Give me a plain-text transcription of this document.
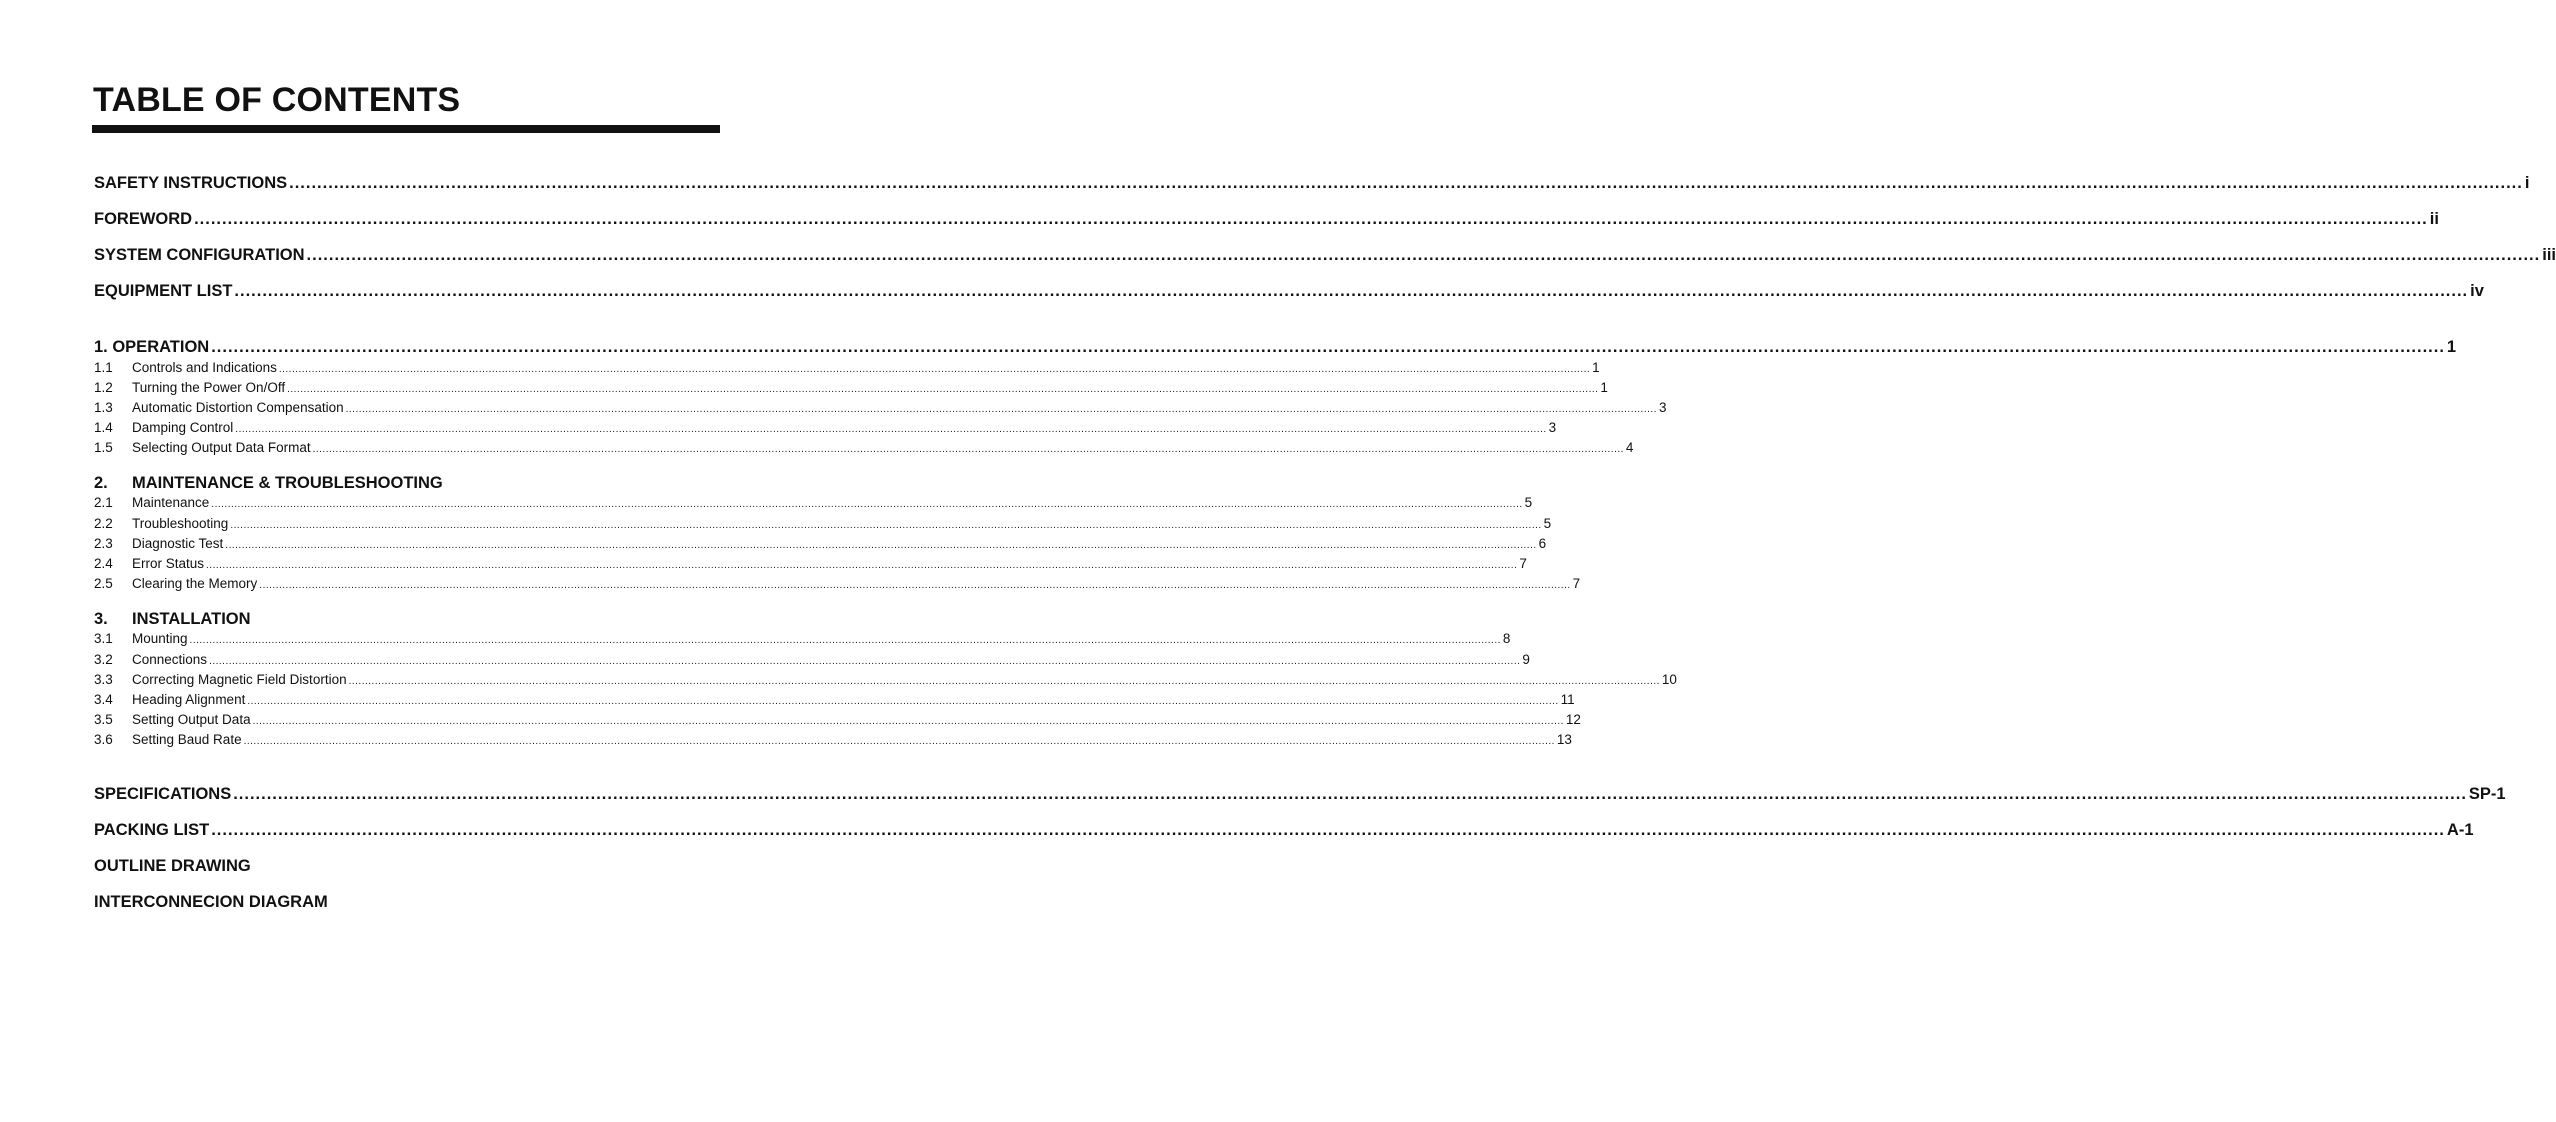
TABLE OF CONTENTS
SAFETY INSTRUCTIONS ................................................................................................................................................................................................................................................................................................................................................................................................................ i
FOREWORD ................................................................................................................................................................................................................................................................................................................................................................................................................ ii
SYSTEM CONFIGURATION ................................................................................................................................................................................................................................................................................................................................................................................................................ iii
EQUIPMENT LIST ................................................................................................................................................................................................................................................................................................................................................................................................................ iv
1. OPERATION ................................................................................................................................................................................................................................................................................................................................................................................................................ 1
1.1 Controls and Indications ................................................................................................................................................................................................................................................................................................................................................................................................................ 1
1.2 Turning the Power On/Off ................................................................................................................................................................................................................................................................................................................................................................................................................ 1
1.3 Automatic Distortion Compensation ................................................................................................................................................................................................................................................................................................................................................................................................................ 3
1.4 Damping Control ................................................................................................................................................................................................................................................................................................................................................................................................................ 3
1.5 Selecting Output Data Format ................................................................................................................................................................................................................................................................................................................................................................................................................ 4
2. MAINTENANCE & TROUBLESHOOTING
2.1 Maintenance ................................................................................................................................................................................................................................................................................................................................................................................................................ 5
2.2 Troubleshooting ................................................................................................................................................................................................................................................................................................................................................................................................................ 5
2.3 Diagnostic Test ................................................................................................................................................................................................................................................................................................................................................................................................................ 6
2.4 Error Status ................................................................................................................................................................................................................................................................................................................................................................................................................ 7
2.5 Clearing the Memory ................................................................................................................................................................................................................................................................................................................................................................................................................ 7
3. INSTALLATION
3.1 Mounting ................................................................................................................................................................................................................................................................................................................................................................................................................ 8
3.2 Connections ................................................................................................................................................................................................................................................................................................................................................................................................................ 9
3.3 Correcting Magnetic Field Distortion ................................................................................................................................................................................................................................................................................................................................................................................................................ 10
3.4 Heading Alignment ................................................................................................................................................................................................................................................................................................................................................................................................................ 11
3.5 Setting Output Data ................................................................................................................................................................................................................................................................................................................................................................................................................ 12
3.6 Setting Baud Rate ................................................................................................................................................................................................................................................................................................................................................................................................................ 13
SPECIFICATIONS ................................................................................................................................................................................................................................................................................................................................................................................................................ SP-1
PACKING LIST ................................................................................................................................................................................................................................................................................................................................................................................................................ A-1
OUTLINE DRAWING
INTERCONNECION DIAGRAM
